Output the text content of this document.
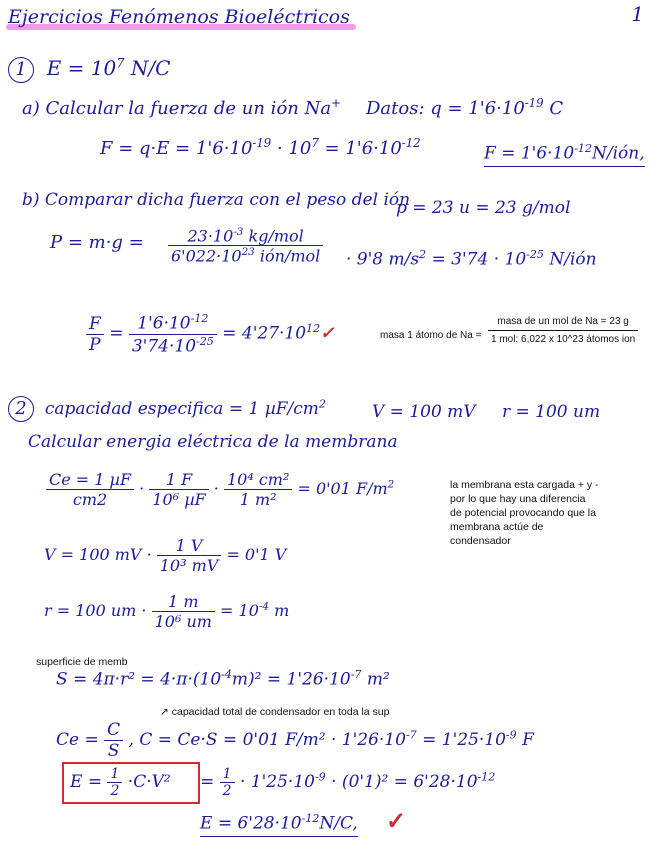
Ejercicios Fenómenos Bioeléctricos	1
1 $E = 10^7$ N/C
a) Calcular la fuerza de un ión Na+ Datos: $q = 1'6\cdot 10^{-19}$ C
$F = q\cdot E = 1'6\cdot 10^{-19} \cdot 10^7 = 1'6\cdot 10^{-12}$
$F = 1'6\cdot 10^{-12}N$/ión,
b) Comparar dicha fuerza con el peso del ión
p = 23 u = 23 g/mol
$P = m\cdot g = \frac{23\cdot 10^{-3} kg/mol}{6'022\cdot 10^{23} ión/mol} \cdot 9'8$ $m/s^2 = 3'74 \cdot 10^{-25}$ N/ión
$\frac{F}{P} = \frac{1'6\cdot 10^{-12}}{3'74\cdot 10^{-25}}$ = $4'27\cdot 10^{12}✓$	masa 1 átomo de $Na = \frac{\text{masa de un mol de Na = 23 g}}{\text{1 mol: 6,022 x 10\textasciicircum{}23 átomos ion}}$
2 capacidad especifica = 1 $\mu F/cm^2$	V = 100 mV r = 100 um
Calcular energia eléctrica de la membrana
$\frac{\text{Ce = 1 µF}}{cm2} \cdot \frac{1 F}{\text{10⁶ µF}} \cdot \frac{\text{10⁴ cm²}}{\text{1 m²}} = 0'01$ $F/m^2$	la membrana esta cargada + y -
por lo que hay una diferencia
de potencial provocando que la
membrana actúe de
condensador
V = 100 mV · $\frac{1 V}{\text{10³ mV}} = 0'1$ V
r = 100 um · $\frac{1 m}{\text{10⁶ um}} = 10^{-4}$ m
superficie de memb
$S = 4\pi\cdot r^2 = 4\cdot\pi\cdot(10^{-4}m)^2 = 1'26\cdot 10^{-7}$ m²
↗ capacidad total de condensador en toda la sup
$Ce = \frac{C}{S}$ , C = Ce·S = 0'01 $F/m^2 \cdot 1'26\cdot 10^{-7} = 1'25\cdot 10^{-9}$ F
$E = \frac{1}{2} \cdot C\cdot V^2 = \frac{1}{2} \cdot 1'25\cdot 10^{-9} \cdot (0'1)^2 = 6'28\cdot 10^{-12}$
$E = 6'28\cdot 10^{-12}N/C$, ✓
